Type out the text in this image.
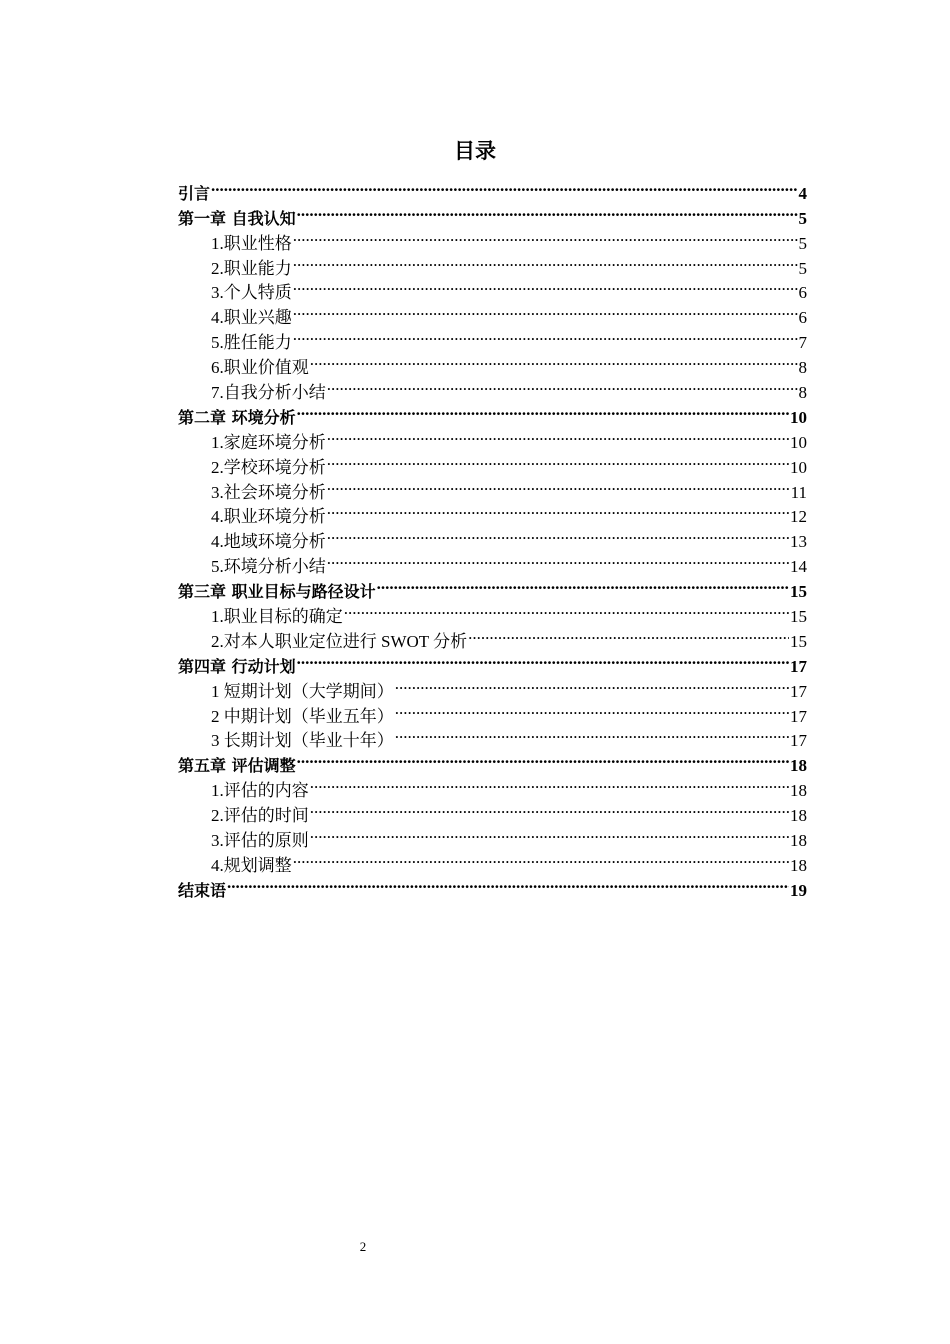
目录
引言 .....	4
第一章 自我认知 .....	5
1.职业性格 .....	5
2.职业能力 .....	5
3.个人特质 .....	6
4.职业兴趣 .....	6
5.胜任能力 .....	7
6.职业价值观 .....	8
7.自我分析小结 .....	8
第二章 环境分析 .....	10
1.家庭环境分析 .....	10
2.学校环境分析 .....	10
3.社会环境分析 .....	11
4.职业环境分析 .....	12
4.地域环境分析 .....	13
5.环境分析小结 .....	14
第三章 职业目标与路径设计 .....	15
1.职业目标的确定 .....	15
2.对本人职业定位进行 SWOT 分析 .....	15
第四章 行动计划 .....	17
1 短期计划（大学期间） .....	17
2 中期计划（毕业五年） .....	17
3 长期计划（毕业十年） .....	17
第五章 评估调整 .....	18
1.评估的内容 .....	18
2.评估的时间 .....	18
3.评估的原则 .....	18
4.规划调整 .....	18
结束语 .....	19
2
